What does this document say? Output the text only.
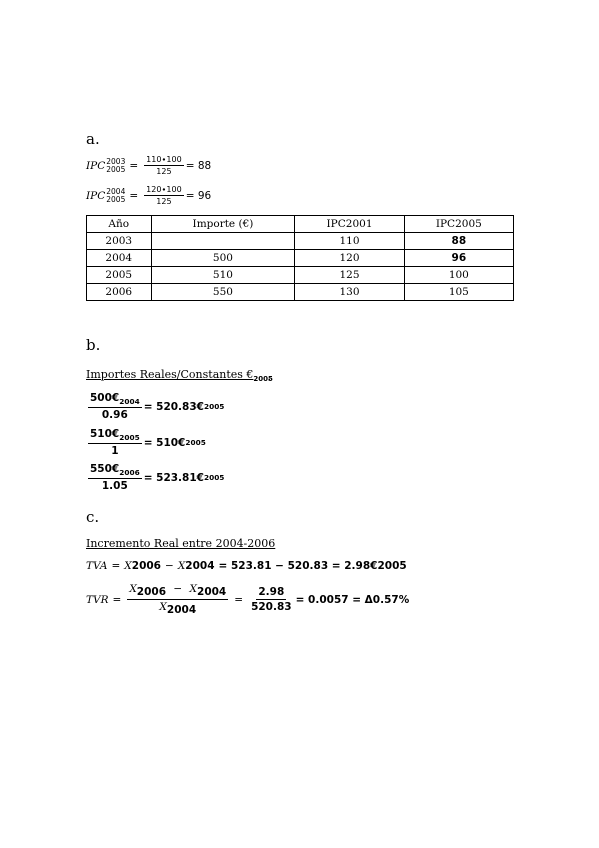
a.
IPC 2003
$2005 = \frac{110\cdot 100}{125} = 88$
IPC 2004
$2005 = \frac{120\cdot 100}{125} = 96$
Año	Importe (€)	IPC2001	IPC2005
2003		110	88
2004	500	120	96
2005	510	125	100
2006	550	130	105
b.
Importes Reales/Constantes $€_{2005}$
$\frac{500€_{2004}}{0.96}$ = 520.83€ 2005
$\frac{510€_{2005}}{1}$ = 510€ 2005
$\frac{550€_{2006}}{1.05}$ = 523.81€ 2005
c.
Incremento Real entre 2004-2006
TVA = X 2006 − X 2004 = 523.81 − 520.83 = 2.98€ 2005
TVR = $\frac{X_{2006} - X_{2004}}{X_{2004}} = \frac{2.98}{520.83} = 0.0057 = \Delta 0.57\%$
